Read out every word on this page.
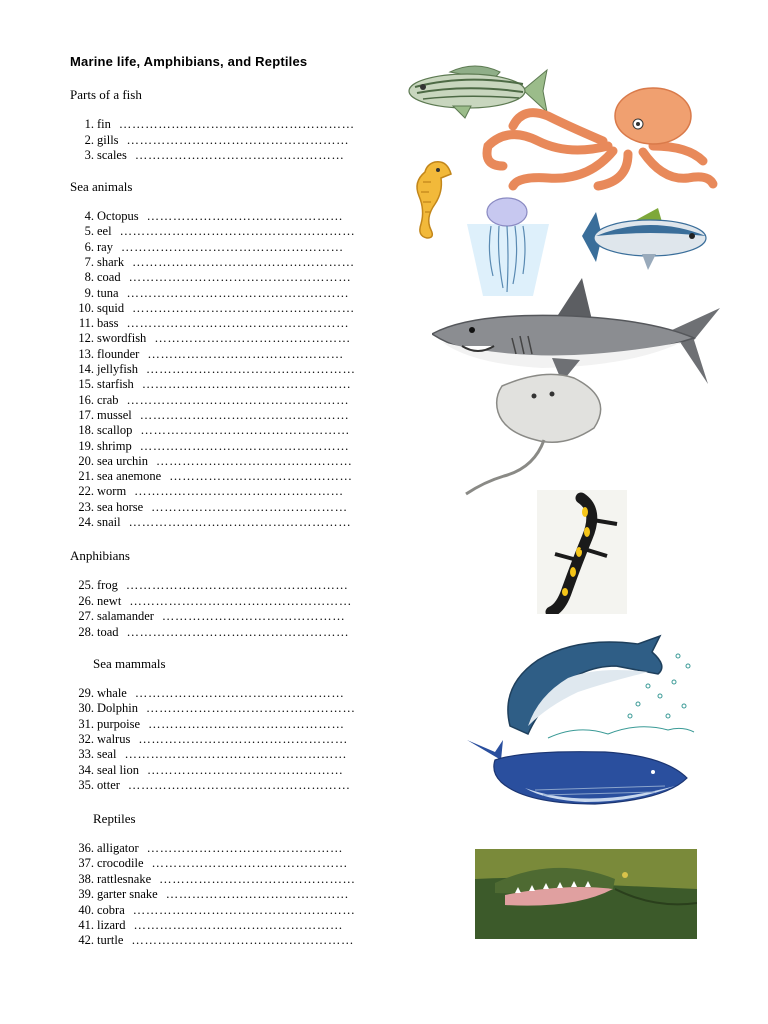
Marine life, Amphibians, and Reptiles
Parts of a fish
1. fin ………………………………………………
2. gills ……………………………………………
3. scales …………………………………………
Sea animals
4. Octopus ………………………………………
5. eel ………………………………………………
6. ray ……………………………………………
7. shark ……………………………………………
8. coad ……………………………………………
9. tuna ……………………………………………
10. squid ……………………………………………
11. bass ……………………………………………
12. swordfish ………………………………………
13. flounder ………………………………………
14. jellyfish …………………………………………
15. starfish …………………………………………
16. crab ……………………………………………
17. mussel …………………………………………
18. scallop …………………………………………
19. shrimp …………………………………………
20. sea urchin ………………………………………
21. sea anemone ……………………………………
22. worm …………………………………………
23. sea horse ………………………………………
24. snail ……………………………………………
Anphibians
25. frog ……………………………………………
26. newt ……………………………………………
27. salamander ……………………………………
28. toad ……………………………………………
Sea mammals
29. whale …………………………………………
30. Dolphin …………………………………………
31. purpoise ………………………………………
32. walrus …………………………………………
33. seal ……………………………………………
34. seal lion ………………………………………
35. otter ……………………………………………
Reptiles
36. alligator ………………………………………
37. crocodile ………………………………………
38. rattlesnake ………………………………………
39. garter snake ……………………………………
40. cobra ……………………………………………
41. lizard …………………………………………
42. turtle ……………………………………………
